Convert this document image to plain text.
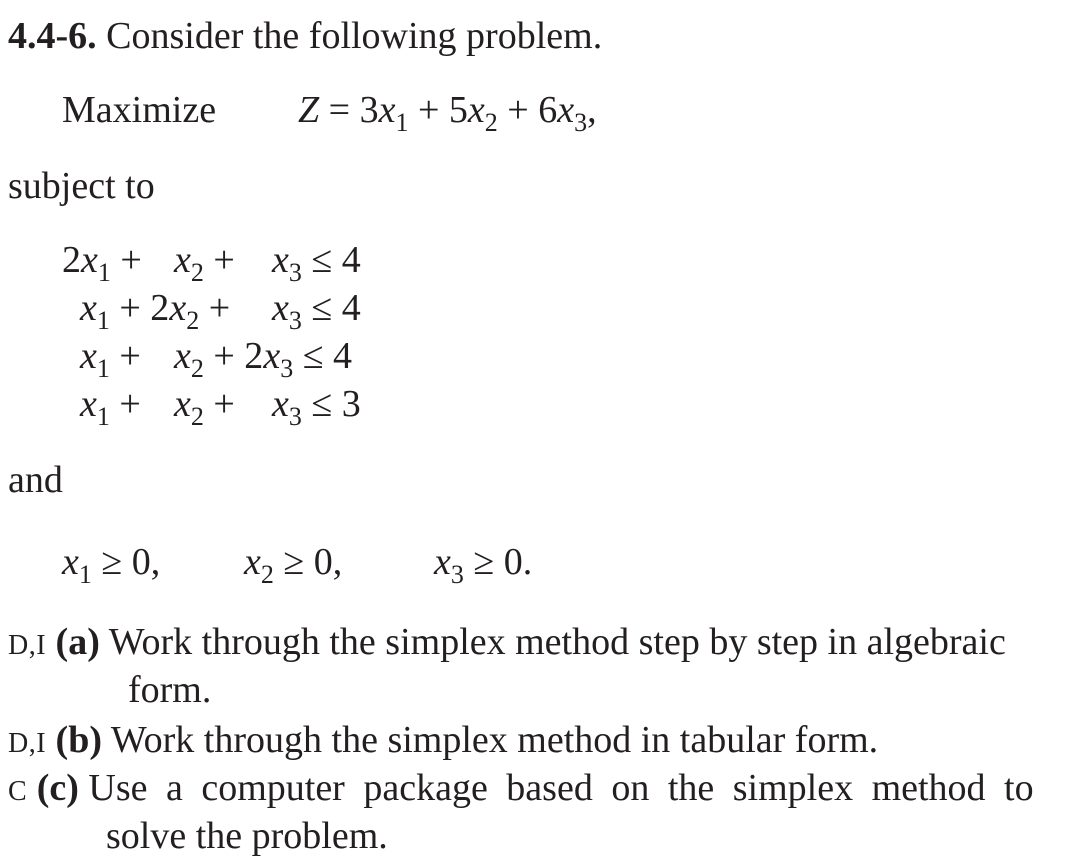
4.4-6. Consider the following problem.
Maximize $Z = 3x_1 + 5x_2 + 6x_3$,
subject to
$2x_1 + x_2 + x_3 \le 4$
$x_1 + 2x_2 + x_3 \le 4$
$x_1 + x_2 + 2x_3 \le 4$
$x_1 + x_2 + x_3 \le 3$
and
$x_1 \ge 0$, $x_2 \ge 0$, $x_3 \ge 0$.
D,I (a) Work through the simplex method step by step in algebraic
form.
D,I (b) Work through the simplex method in tabular form.
C (c) Use a computer package based on the simplex method to
solve the problem.
